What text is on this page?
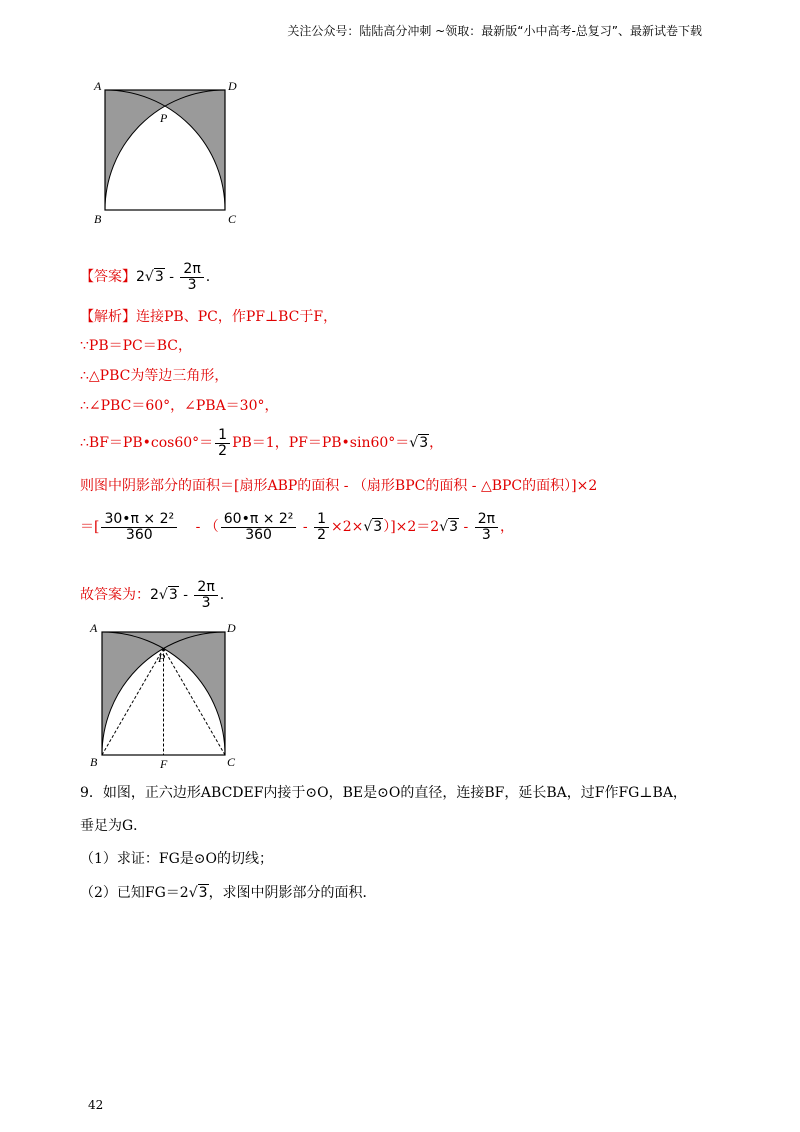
关注公众号：陆陆高分冲刺 ~领取：最新版“小中高考-总复习”、最新试卷下载
A	D
P
B	C
【答案】$2√3 - \frac{2\pi}{3}$ .
【解析】连接PB、PC，作PF⊥BC于F，
∵PB＝PC＝BC，
∴△PBC为等边三角形，
∴∠PBC＝60°，∠PBA＝30°，
∴BF＝PB•cos60°＝ $\frac{1}{2} PB=1$，PF＝PB•sin60°＝√3，
则图中阴影部分的面积＝[扇形ABP的面积 - （扇形BPC的面积 - △BPC的面积）]×2
＝[ $\frac{\text{30•π × 2²}}{360}$ - （ $\frac{\text{60•π × 2²}}{360} - \frac{1}{2} \times 2\times√3)]\times 2=2√3 - \frac{2\pi}{3}$ ，
故答案为：$2√3 - \frac{2\pi}{3}$ .
A	D
P
B	F	C
9．如图，正六边形ABCDEF内接于⊙O，BE是⊙O的直径，连接BF，延长BA，过F作FG⊥BA，
垂足为G．
（1）求证：FG是⊙O的切线；
（2）已知FG＝2√3，求图中阴影部分的面积．
42
